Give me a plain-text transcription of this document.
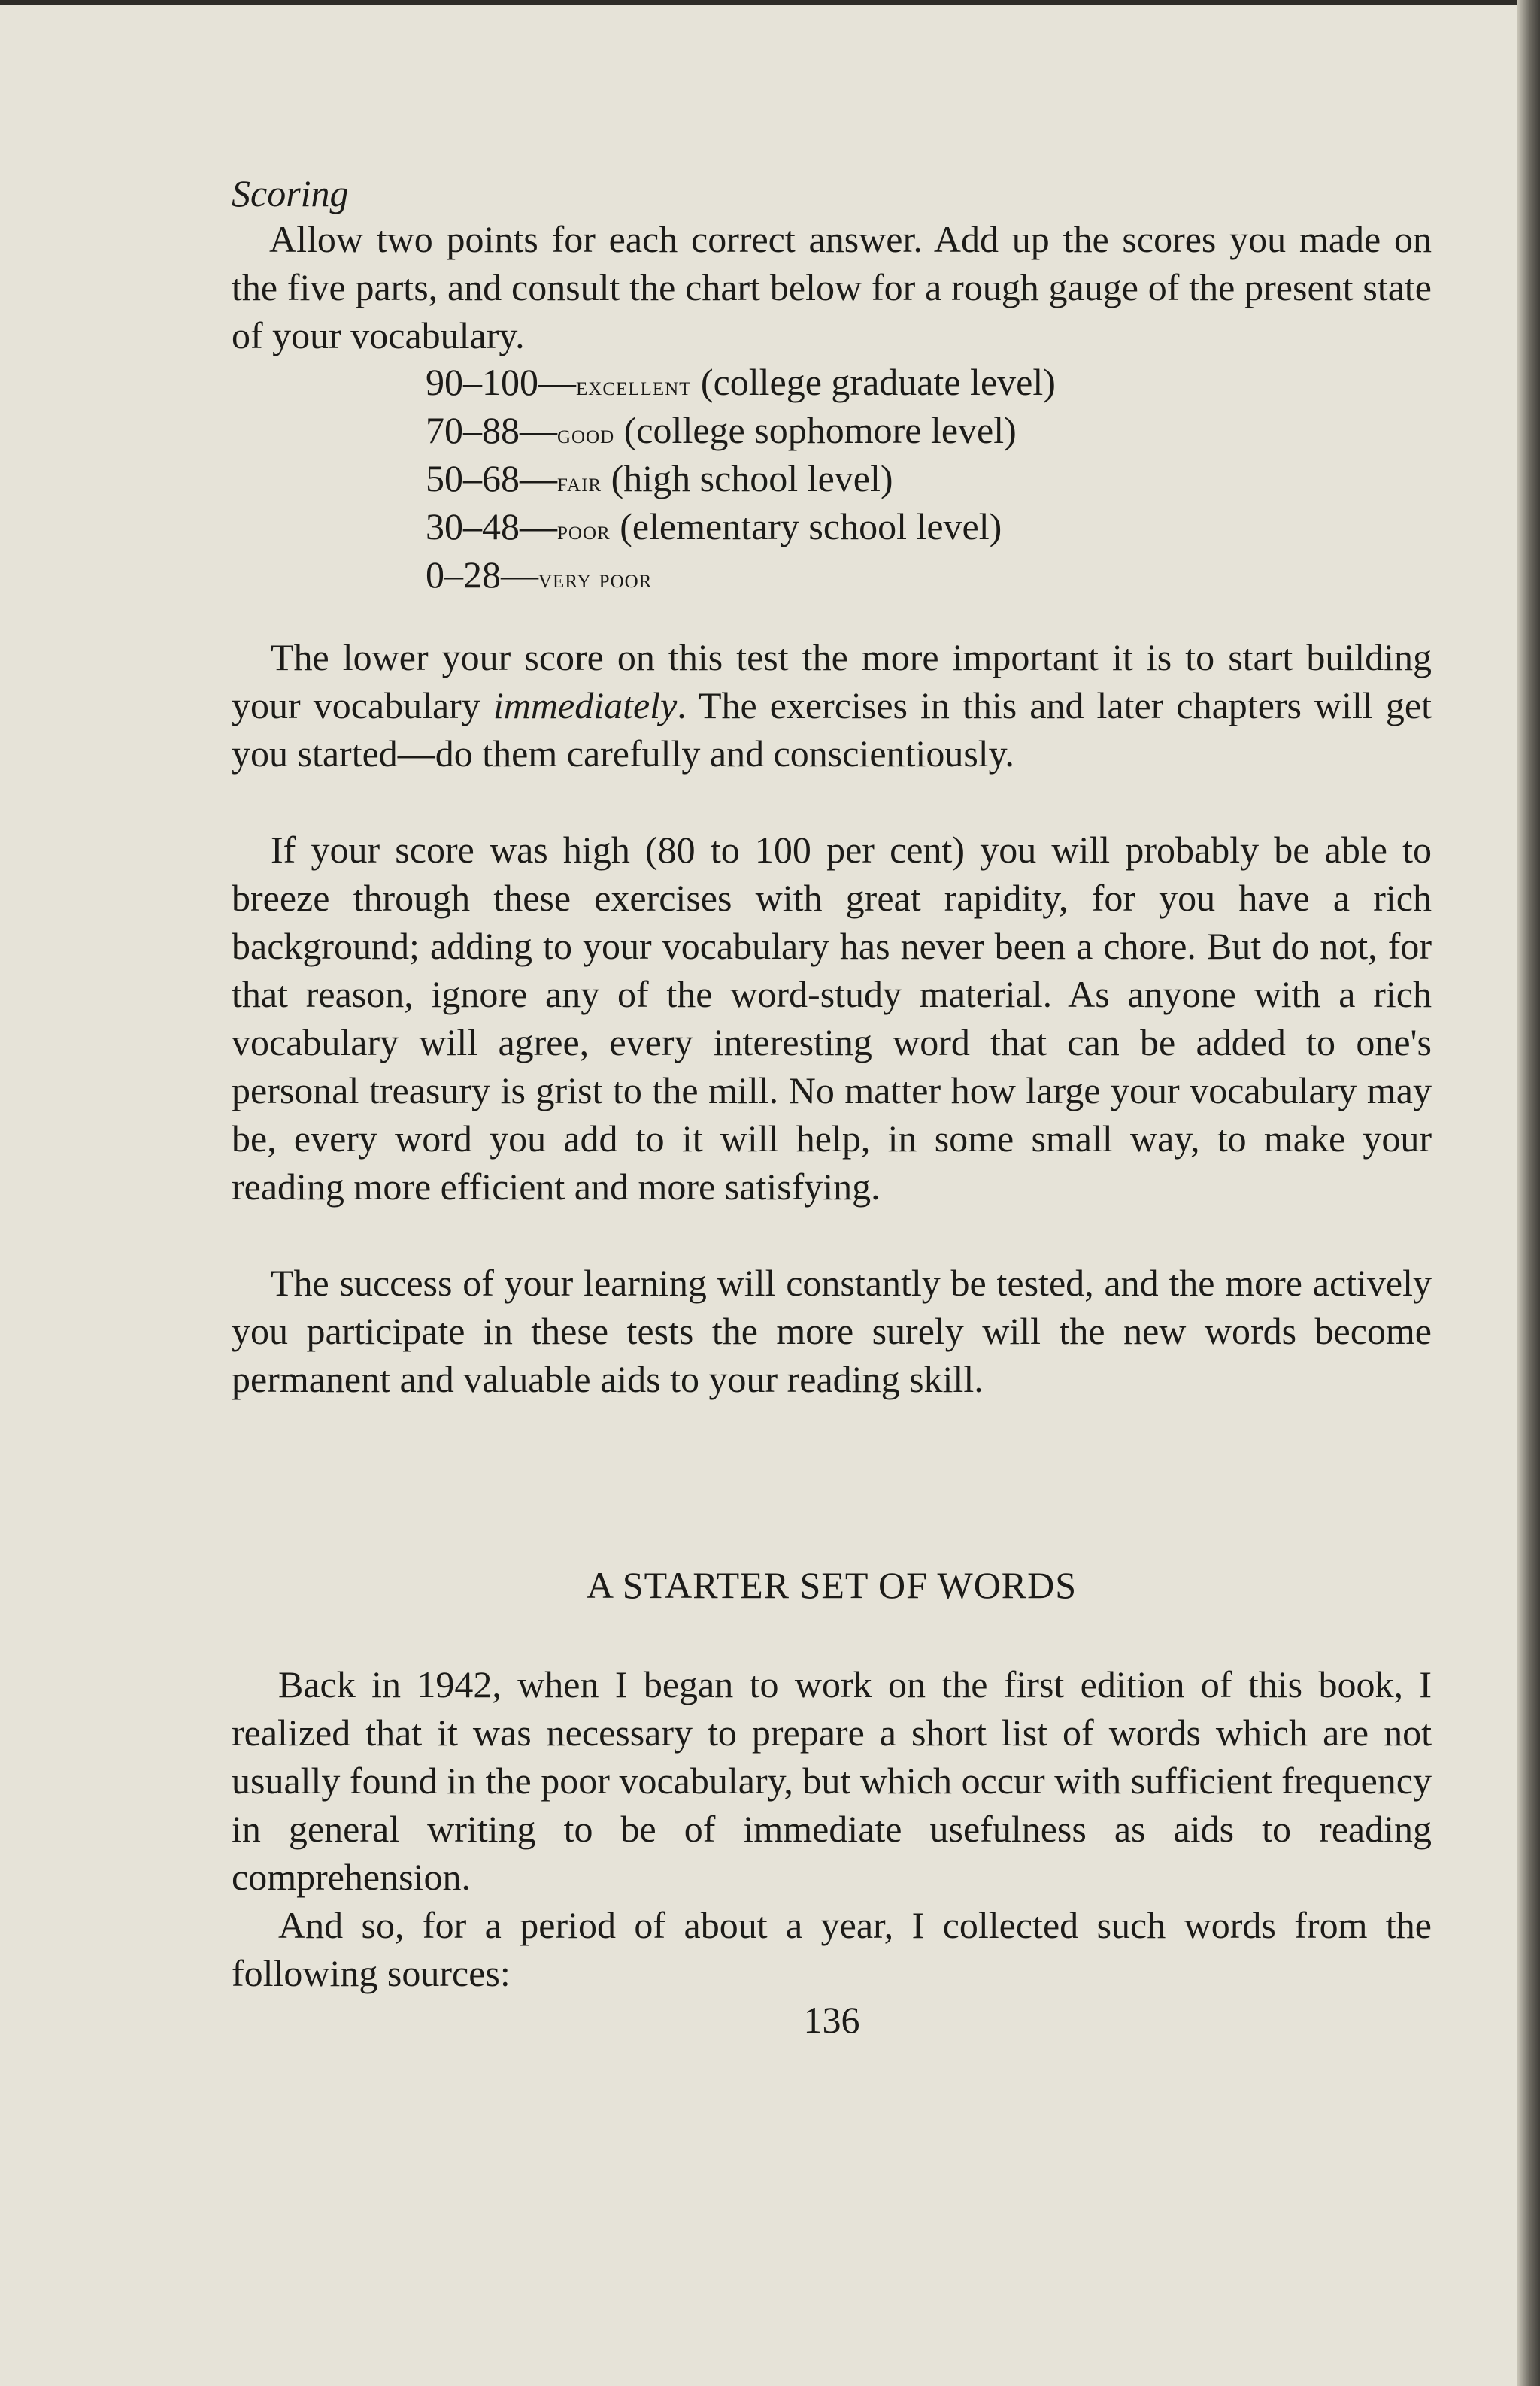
Scoring

Allow two points for each correct answer. Add up the scores you made on the five parts, and consult the chart below for a rough gauge of the present state of your vocabulary.

90–100—excellent (college graduate level)
70–88—good (college sophomore level)
50–68—fair (high school level)
30–48—poor (elementary school level)
0–28—very poor

The lower your score on this test the more important it is to start building your vocabulary immediately. The exercises in this and later chapters will get you started—do them carefully and conscientiously.

If your score was high (80 to 100 per cent) you will probably be able to breeze through these exercises with great rapidity, for you have a rich background; adding to your vocabulary has never been a chore. But do not, for that reason, ignore any of the word-study material. As anyone with a rich vocabulary will agree, every interesting word that can be added to one's personal treasury is grist to the mill. No matter how large your vocabulary may be, every word you add to it will help, in some small way, to make your reading more efficient and more satisfying.

The success of your learning will constantly be tested, and the more actively you participate in these tests the more surely will the new words become permanent and valuable aids to your reading skill.

A STARTER SET OF WORDS

Back in 1942, when I began to work on the first edition of this book, I realized that it was necessary to prepare a short list of words which are not usually found in the poor vocabulary, but which occur with sufficient frequency in general writing to be of immediate usefulness as aids to reading comprehension.

And so, for a period of about a year, I collected such words from the following sources:

136
